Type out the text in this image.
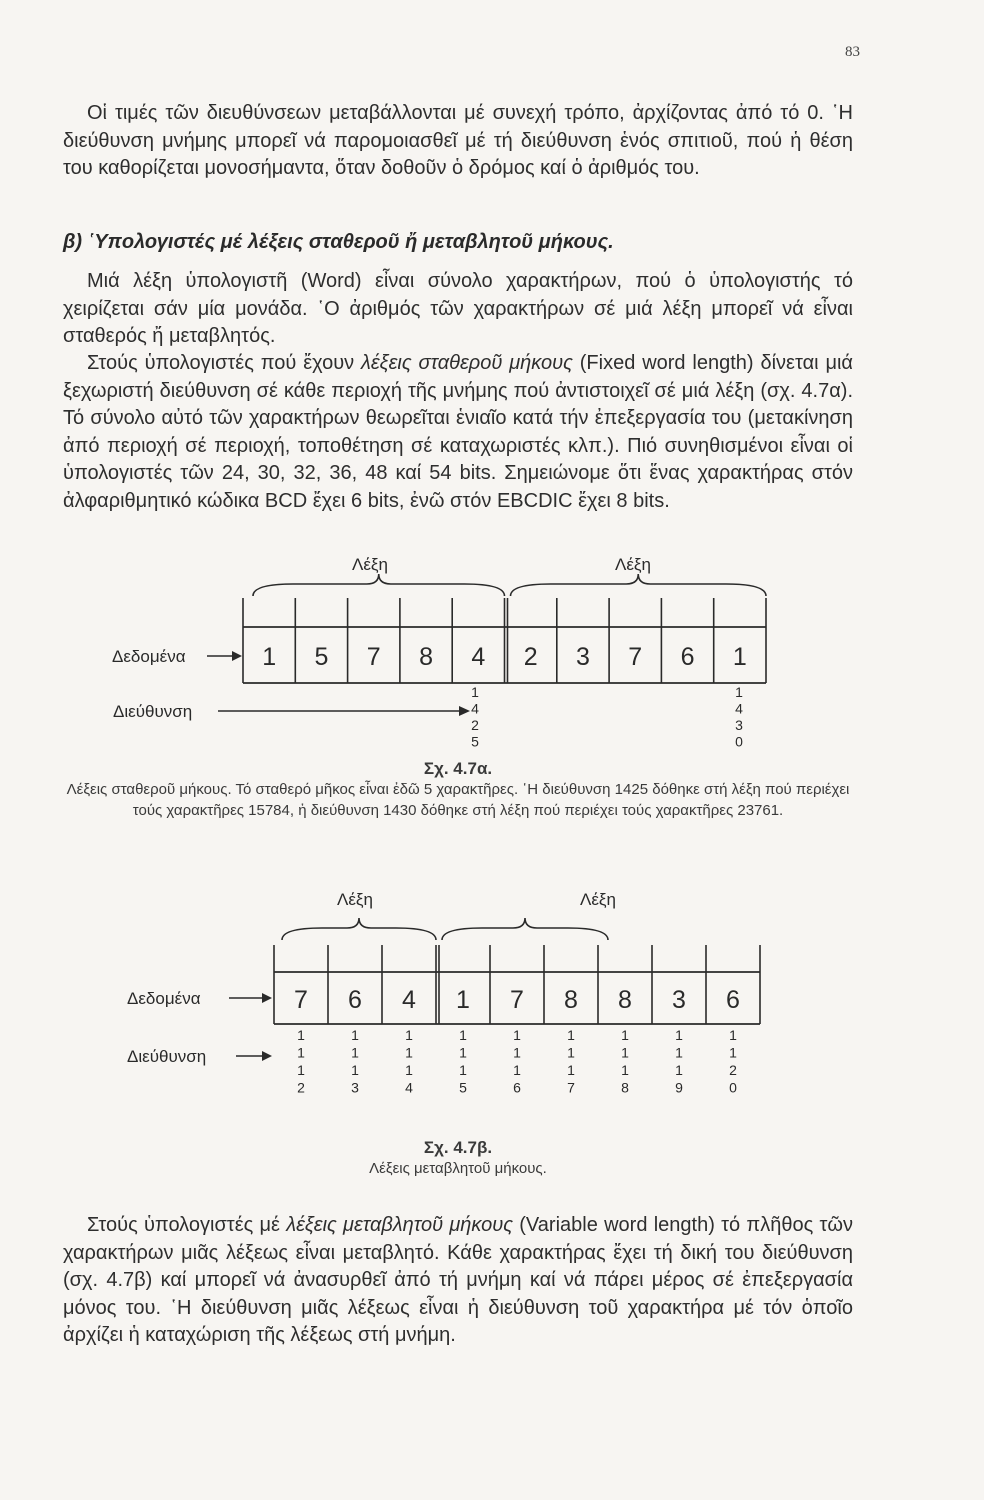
83

Οἱ τιμές τῶν διευθύνσεων μεταβάλλονται μέ συνεχή τρόπο, ἀρχίζοντας ἀπό τό 0. ῾Η διεύθυνση μνήμης μπορεῖ νά παρομοιασθεῖ μέ τή διεύθυνση ἑνός σπιτιοῦ, πού ἡ θέση του καθορίζεται μονοσήμαντα, ὅταν δοθοῦν ὁ δρόμος καί ὁ ἀριθμός του.

β) ῾Υπολογιστές μέ λέξεις σταθεροῦ ἤ μεταβλητοῦ μήκους.

Μιά λέξη ὑπολογιστῆ (Word) εἶναι σύνολο χαρακτήρων, πού ὁ ὑπολογιστής τό χειρίζεται σάν μία μονάδα. ῾Ο ἀριθμός τῶν χαρακτήρων σέ μιά λέξη μπορεῖ νά εἶναι σταθερός ἤ μεταβλητός.

Στούς ὑπολογιστές πού ἔχουν λέξεις σταθεροῦ μήκους (Fixed word length) δίνεται μιά ξεχωριστή διεύθυνση σέ κάθε περιοχή τῆς μνήμης πού ἀντιστοιχεῖ σέ μιά λέξη (σχ. 4.7α). Τό σύνολο αὐτό τῶν χαρακτήρων θεωρεῖται ἑνιαῖο κατά τήν ἐπεξεργασία του (μετακίνηση ἀπό περιοχή σέ περιοχή, τοποθέτηση σέ καταχωριστές κλπ.). Πιό συνηθισμένοι εἶναι οἱ ὑπολογιστές τῶν 24, 30, 32, 36, 48 καί 54 bits. Σημειώνομε ὅτι ἕνας χαρακτήρας στόν ἀλφαριθμητικό κώδικα BCD ἔχει 6 bits, ἐνῶ στόν EBCDIC ἔχει 8 bits.

1 5 7 8 4 2 3 7 6 1
Λέξη	Λέξη
Δεδομένα
Διεύθυνση
1
4
2
5
1
4
3
0
Σχ. 4.7α.
Λέξεις σταθεροῦ μήκους. Τό σταθερό μῆκος εἶναι ἐδῶ 5 χαρακτῆρες. ῾Η διεύθυνση 1425 δόθηκε στή λέξη πού περιέχει τούς χαρακτῆρες 15784, ἡ διεύθυνση 1430 δόθηκε στή λέξη πού περιέχει τούς χαρακτῆρες 23761.
7 6 4 1 7 8 8 3 6
Λέξη	Λέξη
Δεδομένα
Διεύθυνση
1
1
1
2
1
1
1
3
1
1
1
4
1
1
1
5
1
1
1
6
1
1
1
7
1
1
1
8
1
1
1
9
1
1
2
0
Σχ. 4.7β.
Λέξεις μεταβλητοῦ μήκους.

Στούς ὑπολογιστές μέ λέξεις μεταβλητοῦ μήκους (Variable word length) τό πλῆθος τῶν χαρακτήρων μιᾶς λέξεως εἶναι μεταβλητό. Κάθε χαρακτήρας ἔχει τή δική του διεύθυνση (σχ. 4.7β) καί μπορεῖ νά ἀνασυρθεῖ ἀπό τή μνήμη καί νά πάρει μέρος σέ ἐπεξεργασία μόνος του. ῾Η διεύθυνση μιᾶς λέξεως εἶναι ἡ διεύθυνση τοῦ χαρακτήρα μέ τόν ὁποῖο ἀρχίζει ἡ καταχώριση τῆς λέξεως στή μνήμη.
